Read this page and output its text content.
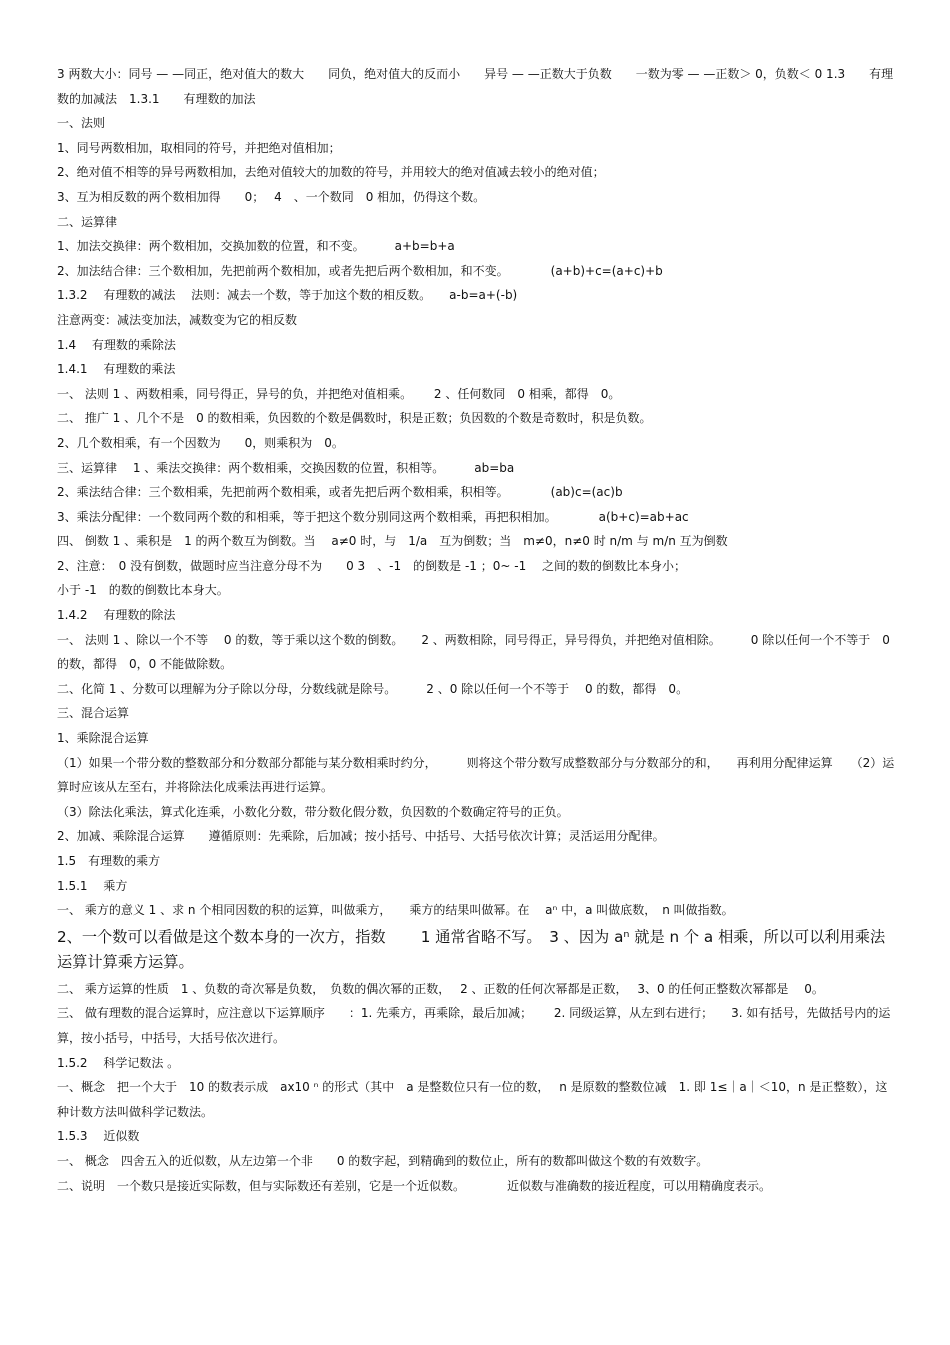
3 两数大小：同号 — —同正，绝对值大的数大　　同负，绝对值大的反而小　　异号 — —正数大于负数　　一数为零 — —正数＞ 0，负数＜ 0 1.3　　有理数的加减法　1.3.1　　有理数的加法
一、法则
1、同号两数相加，取相同的符号，并把绝对值相加；
2、绝对值不相等的异号两数相加，去绝对值较大的加数的符号，并用较大的绝对值减去较小的绝对值；
3、互为相反数的两个数相加得　　0；　 4　、一个数同　0 相加，仍得这个数。
二、运算律
1、加法交换律：两个数相加，交换加数的位置，和不变。　　　a+b=b+a
2、加法结合律：三个数相加，先把前两个数相加，或者先把后两个数相加，和不变。　　　　(a+b)+c=(a+c)+b
1.3.2　 有理数的减法　 法则：减去一个数，等于加这个数的相反数。　　a-b=a+(-b)
注意两变：减法变加法，减数变为它的相反数
1.4　 有理数的乘除法
1.4.1　 有理数的乘法
一、 法则 1 、两数相乘，同号得正，异号的负，并把绝对值相乘。　　 2 、任何数同　0 相乘，都得　0。
二、 推广 1 、几个不是　0 的数相乘，负因数的个数是偶数时，积是正数；负因数的个数是奇数时，积是负数。
2、几个数相乘，有一个因数为　　0，则乘积为　0。
三、运算律　 1 、乘法交换律：两个数相乘，交换因数的位置，积相等。　　　ab=ba
2、乘法结合律：三个数相乘，先把前两个数相乘，或者先把后两个数相乘，积相等。　　　　(ab)c=(ac)b
3、乘法分配律：一个数同两个数的和相乘，等于把这个数分别同这两个数相乘，再把积相加。　　　　a(b+c)=ab+ac
四、 倒数 1 、乘积是　1 的两个数互为倒数。当　 a≠0 时，与　1/a　互为倒数；当　m≠0，n≠0 时 n/m 与 m/n 互为倒数
2、注意：　0 没有倒数，做题时应当注意分母不为　　0 3　、-1　的倒数是 -1 ；0~ -1　 之间的数的倒数比本身小；
小于 -1　的数的倒数比本身大。
1.4.2　 有理数的除法
一、 法则 1 、除以一个不等　 0 的数，等于乘以这个数的倒数。　　2 、两数相除，同号得正，异号得负，并把绝对值相除。　　　0 除以任何一个不等于　0 的数，都得　0，0 不能做除数。
二、化简 1 、分数可以理解为分子除以分母，分数线就是除号。　　　2 、0 除以任何一个不等于　 0 的数，都得　0。
三、混合运算
1、乘除混合运算
（1）如果一个带分数的整数部分和分数部分都能与某分数相乘时约分，　　　则将这个带分数写成整数部分与分数部分的和，　　再利用分配律运算　　（2）运算时应该从左至右，并将除法化成乘法再进行运算。
（3）除法化乘法，算式化连乘，小数化分数，带分数化假分数，负因数的个数确定符号的正负。
2、加减、乘除混合运算　　遵循原则：先乘除，后加减；按小括号、中括号、大括号依次计算；灵活运用分配律。
1.5　有理数的乘方
1.5.1　 乘方
一、 乘方的意义 1 、求 n 个相同因数的积的运算，叫做乘方，　　乘方的结果叫做幂。在　 aⁿ 中，a 叫做底数，　n 叫做指数。
2、一个数可以看做是这个数本身的一次方，指数　　 1 通常省略不写。　3 、因为 aⁿ 就是 n 个 a 相乘，所以可以利用乘法运算计算乘方运算。
二、 乘方运算的性质　1 、负数的奇次幂是负数，　负数的偶次幂的正数，　 2 、正数的任何次幂都是正数，　 3、0 的任何正整数次幂都是　 0。
三、 做有理数的混合运算时，应注意以下运算顺序　　：1. 先乘方，再乘除，最后加减；　　 2. 同级运算，从左到右进行；　　3. 如有括号，先做括号内的运算，按小括号，中括号，大括号依次进行。
1.5.2　 科学记数法 。
一、概念　把一个大于　10 的数表示成　ax10 ⁿ 的形式（其中　a 是整数位只有一位的数，　 n 是原数的整数位减　1. 即 1≤｜a｜＜10，n 是正整数），这种计数方法叫做科学记数法。
1.5.3　 近似数
一、 概念　四舍五入的近似数，从左边第一个非　　0 的数字起，到精确到的数位止，所有的数都叫做这个数的有效数字。
二、说明　一个数只是接近实际数，但与实际数还有差别，它是一个近似数。　　　　近似数与准确数的接近程度，可以用精确度表示。
